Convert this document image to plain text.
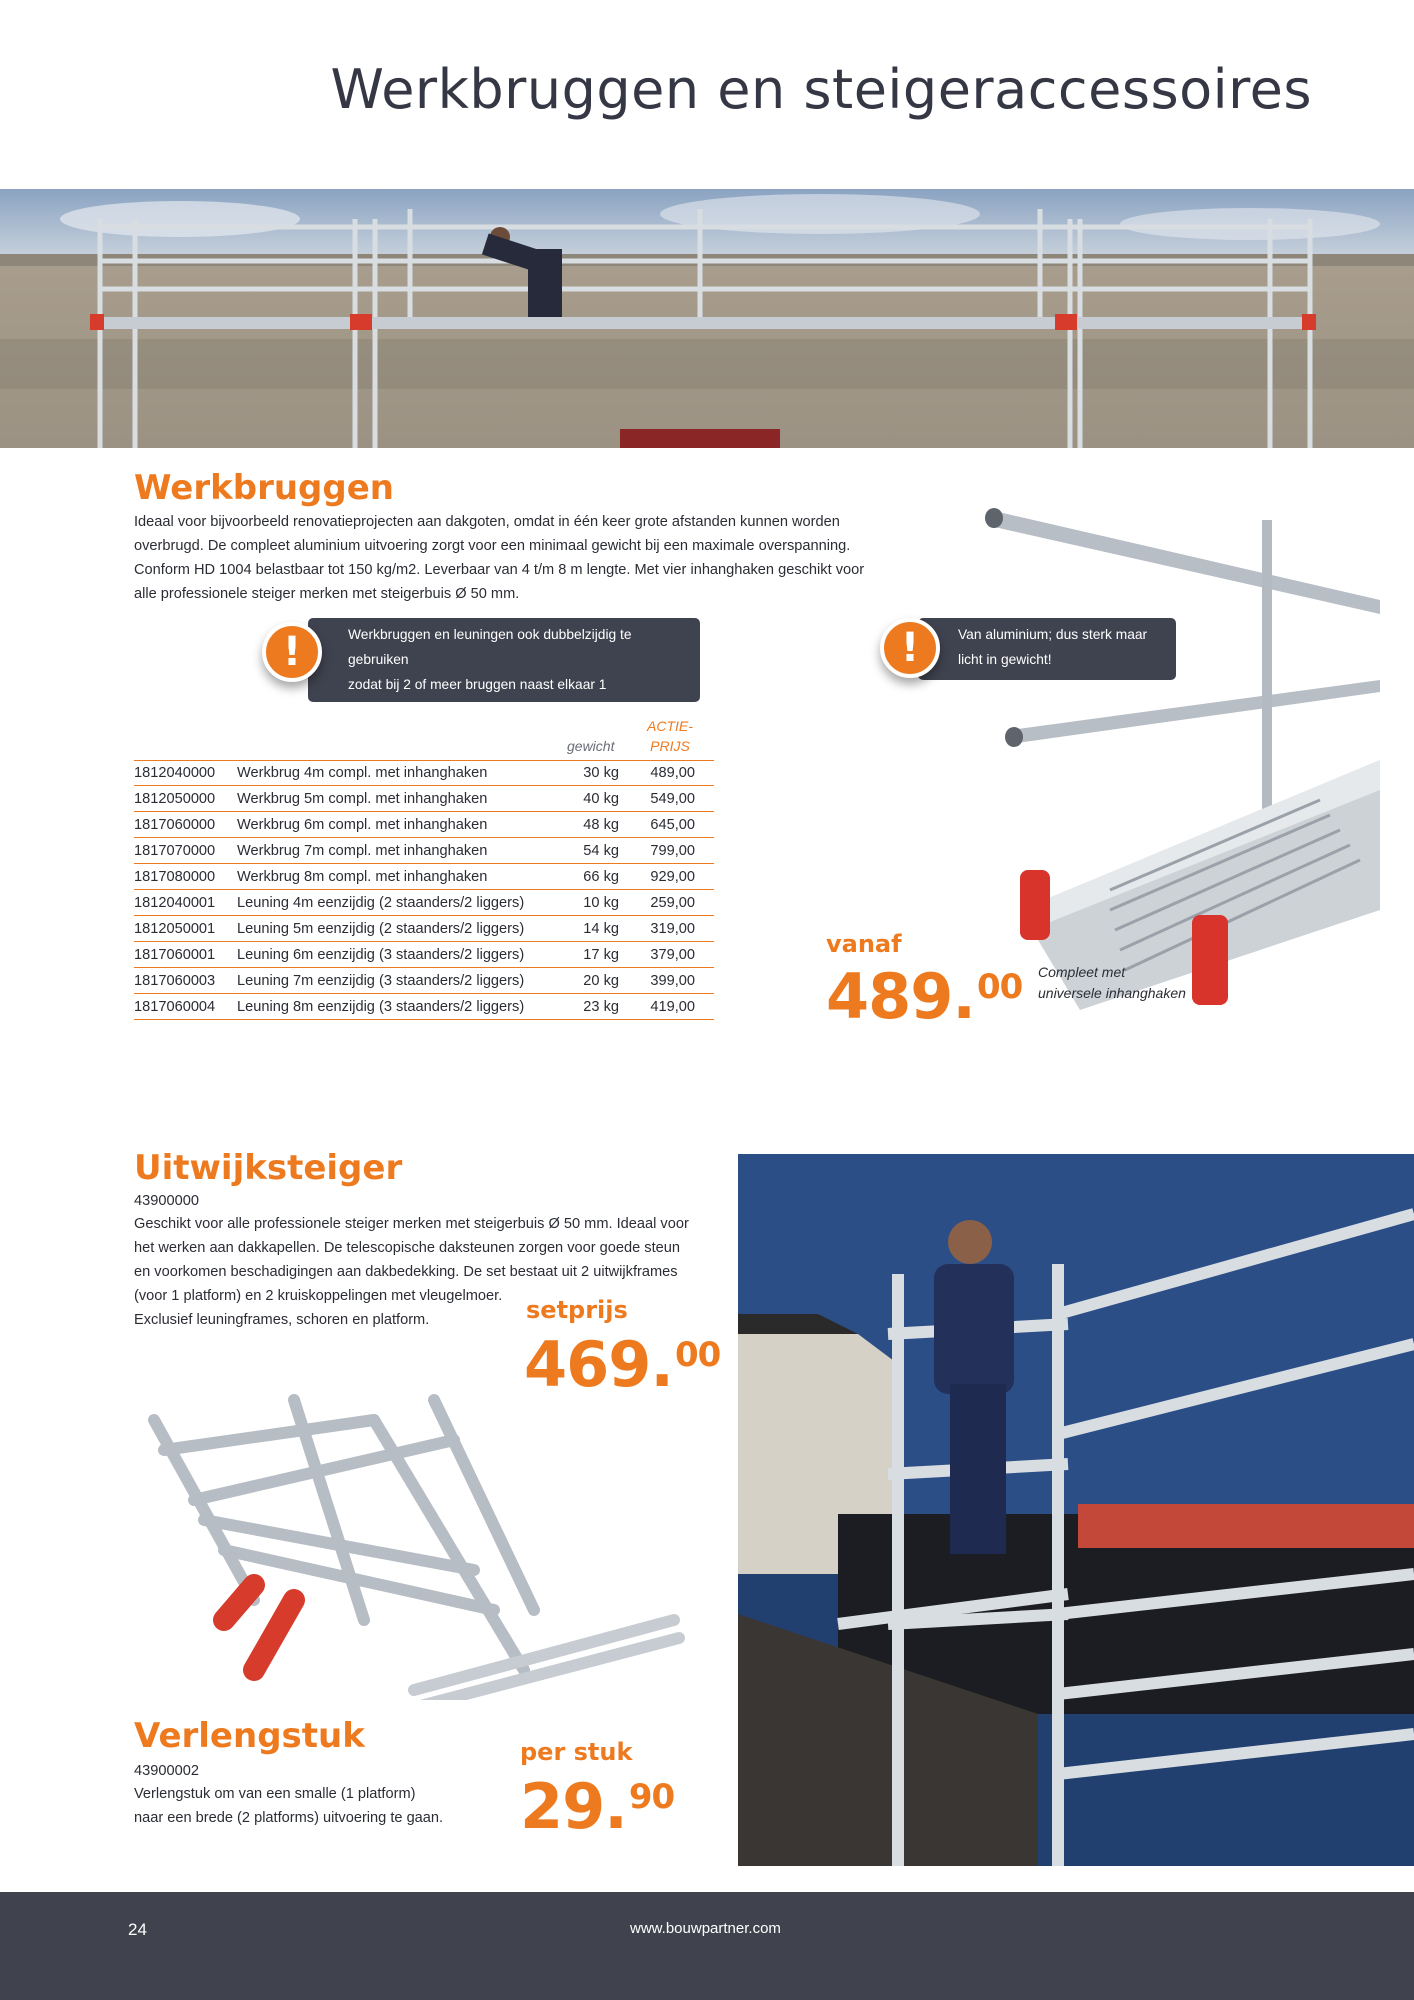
Werkbruggen en steigeraccessoires
Werkbruggen
Ideaal voor bijvoorbeeld renovatieprojecten aan dakgoten, omdat in één keer grote afstanden kunnen worden
overbrugd. De compleet aluminium uitvoering zorgt voor een minimaal gewicht bij een maximale overspanning.
Conform HD 1004 belastbaar tot 150 kg/m2. Leverbaar van 4 t/m 8 m lengte. Met vier inhanghaken geschikt voor
alle professionele steiger merken met steigerbuis Ø 50 mm.
Werkbruggen en leuningen ook dubbelzijdig te gebruiken
zodat bij 2 of meer bruggen naast elkaar 1 werkplatform
ontstaat zonder schoprand.
!	Van aluminium; dus sterk maar
licht in gewicht!
!
gewicht
ACTIE-
PRIJS
1812040000	Werkbrug 4m compl. met inhanghaken	30 kg	489,00
1812050000	Werkbrug 5m compl. met inhanghaken	40 kg	549,00
1817060000	Werkbrug 6m compl. met inhanghaken	48 kg	645,00
1817070000	Werkbrug 7m compl. met inhanghaken	54 kg	799,00
1817080000	Werkbrug 8m compl. met inhanghaken	66 kg	929,00
1812040001	Leuning 4m eenzijdig (2 staanders/2 liggers)	10 kg	259,00
1812050001	Leuning 5m eenzijdig (2 staanders/2 liggers)	14 kg	319,00
1817060001	Leuning 6m eenzijdig (3 staanders/2 liggers)	17 kg	379,00
1817060003	Leuning 7m eenzijdig (3 staanders/2 liggers)	20 kg	399,00
1817060004	Leuning 8m eenzijdig (3 staanders/2 liggers)	23 kg	419,00
vanaf
489.00 Compleet met
universele inhanghaken
Uitwijksteiger
43900000
Geschikt voor alle professionele steiger merken met steigerbuis Ø 50 mm. Ideaal voor
het werken aan dakkapellen. De telescopische daksteunen zorgen voor goede steun
en voorkomen beschadigingen aan dakbedekking. De set bestaat uit 2 uitwijkframes
(voor 1 platform) en 2 kruiskoppelingen met vleugelmoer.
Exclusief leuningframes, schoren en platform.	setprijs
469.00
Verlengstuk
43900002
Verlengstuk om van een smalle (1 platform)
naar een brede (2 platforms) uitvoering te gaan.
per stuk
29.90
24	www.bouwpartner.com
